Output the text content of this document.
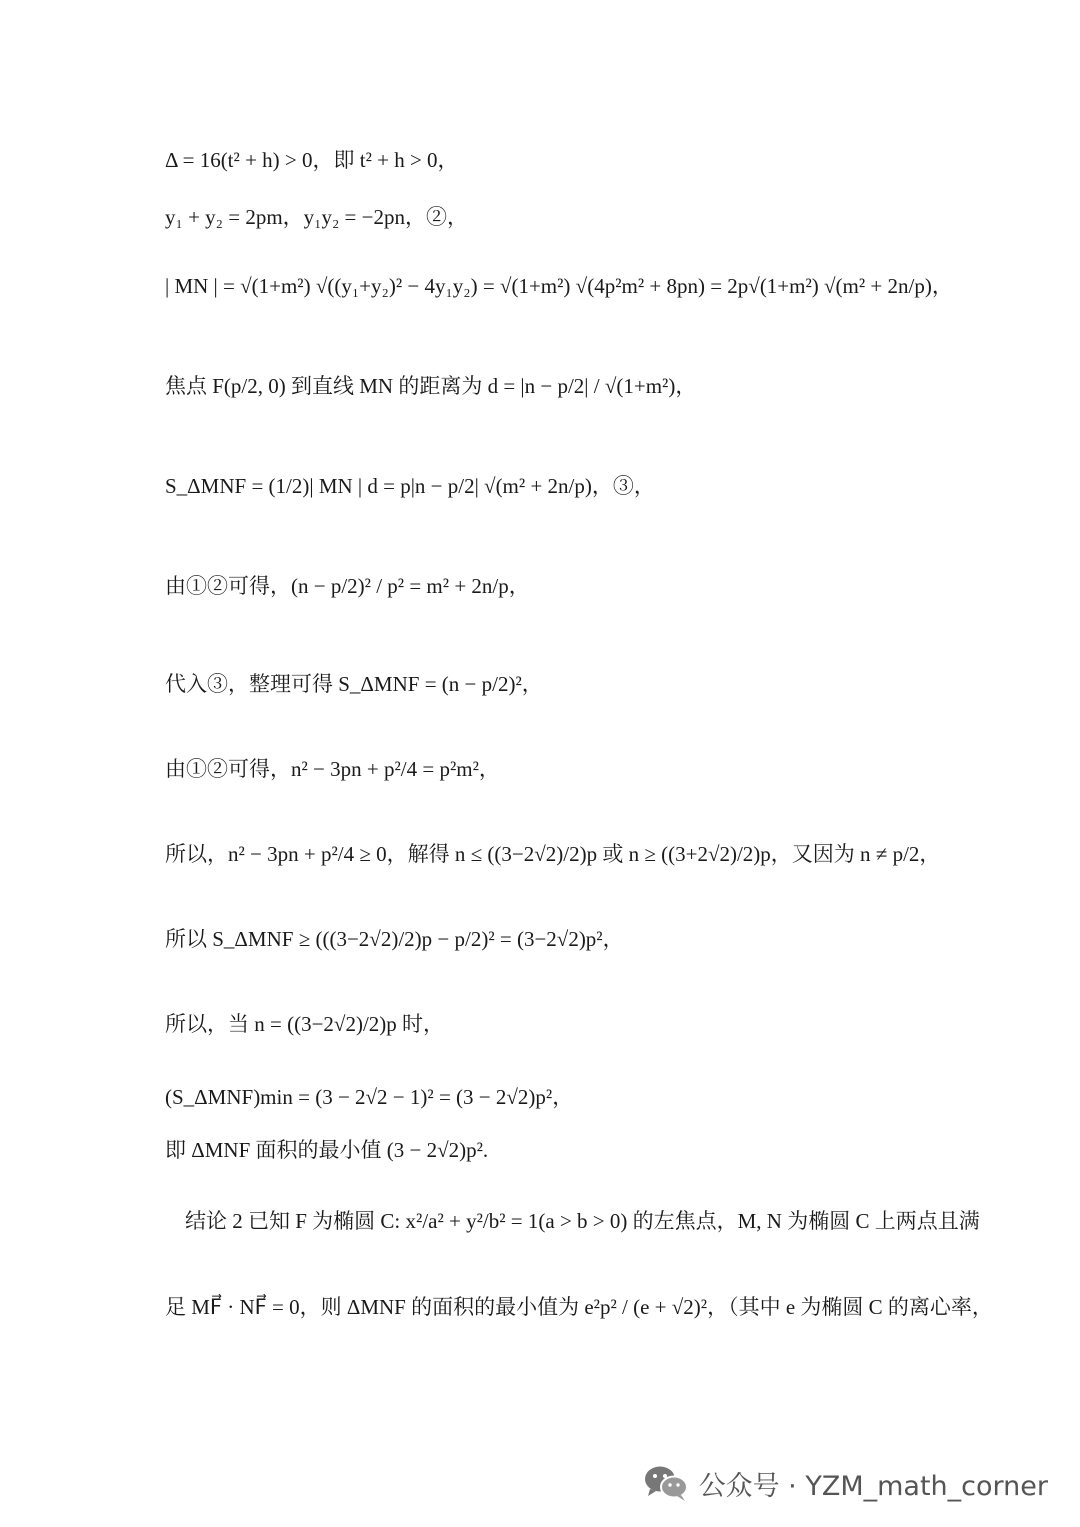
Δ = 16(t² + h) > 0，即 t² + h > 0，
y₁ + y₂ = 2pm，y₁y₂ = −2pn，②，
| MN | = √(1+m²) √((y₁+y₂)² − 4y₁y₂) = √(1+m²) √(4p²m² + 8pn) = 2p√(1+m²) √(m² + 2n/p)，
焦点 F(p/2, 0) 到直线 MN 的距离为 d = |n − p/2| / √(1+m²)，
S_ΔMNF = (1/2)| MN | d = p|n − p/2| √(m² + 2n/p)，③，
由①②可得，(n − p/2)² / p² = m² + 2n/p，
代入③，整理可得 S_ΔMNF = (n − p/2)²，
由①②可得，n² − 3pn + p²/4 = p²m²，
所以，n² − 3pn + p²/4 ≥ 0，解得 n ≤ ((3−2√2)/2)p 或 n ≥ ((3+2√2)/2)p，又因为 n ≠ p/2，
所以 S_ΔMNF ≥ (((3−2√2)/2)p − p/2)² = (3−2√2)p²，
所以，当 n = ((3−2√2)/2)p 时，
(S_ΔMNF)min = (3 − 2√2 − 1)² = (3 − 2√2)p²，
即 ΔMNF 面积的最小值 (3 − 2√2)p².
结论 2 已知 F 为椭圆 C: x²/a² + y²/b² = 1(a > b > 0) 的左焦点，M, N 为椭圆 C 上两点且满
足 MF⃗ · NF⃗ = 0，则 ΔMNF 的面积的最小值为 e²p² / (e + √2)²，（其中 e 为椭圆 C 的离心率，
公众号 · YZM_math_corner
